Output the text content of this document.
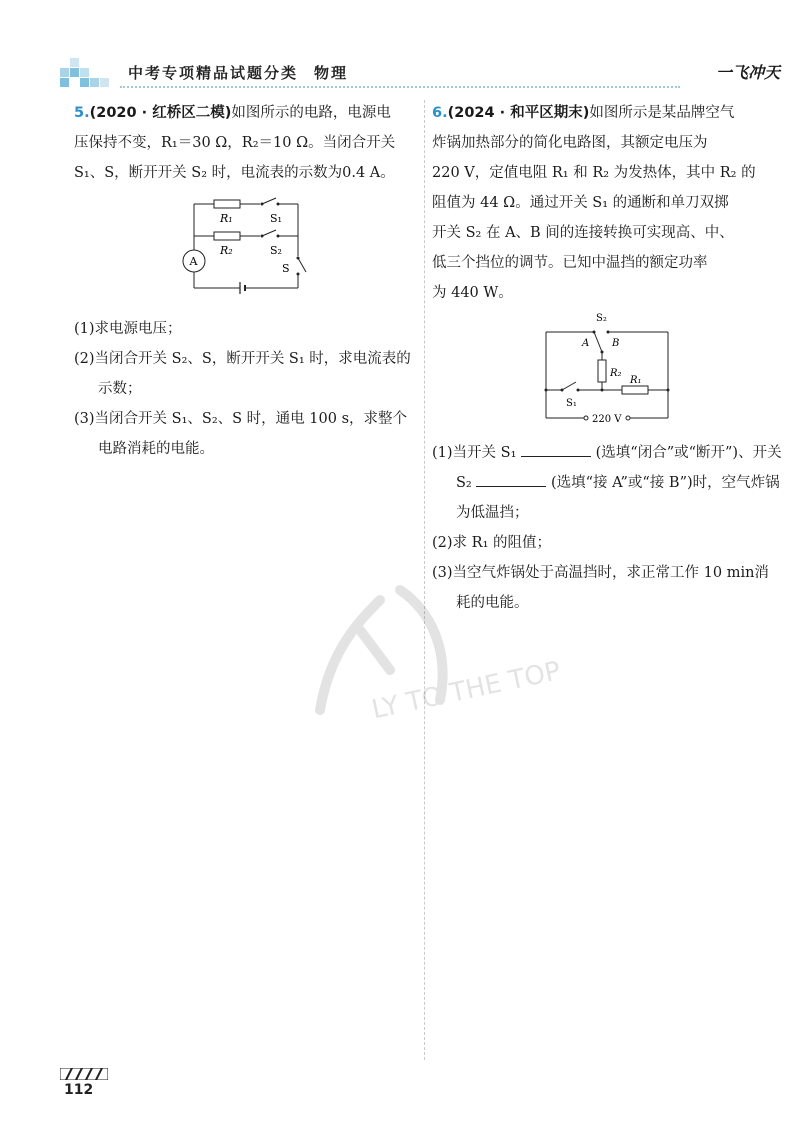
中考专项精品试题分类 物理	一飞冲天

5.(2020 · 红桥区二模)如图所示的电路，电源电

压保持不变，R₁＝30 Ω，R₂＝10 Ω。当闭合开关

S₁、S，断开开关 S₂ 时，电流表的示数为0.4 A。

R₁	S₁
R₂	S₂
S
A

(1)求电源电压；

(2)当闭合开关 S₂、S，断开开关 S₁ 时，求电流表的示数；

(3)当闭合开关 S₁、S₂、S 时，通电 100 s，求整个电路消耗的电能。

6.(2024 · 和平区期末)如图所示是某品牌空气

炸锅加热部分的简化电路图，其额定电压为

220 V，定值电阻 R₁ 和 R₂ 为发热体，其中 R₂ 的

阻值为 44 Ω。通过开关 S₁ 的通断和单刀双掷

开关 S₂ 在 A、B 间的连接转换可实现高、中、

低三个挡位的调节。已知中温挡的额定功率

为 440 W。

S₂
A B
R₂
R₁
S₁
220 V

(1)当开关 S₁	(选填“闭合”或“断开”)、开关 S₂	(选填“接 A”或“接 B”)时，空气炸锅为低温挡；

(2)求 R₁ 的阻值；

(3)当空气炸锅处于高温挡时，求正常工作 10 min消耗的电能。

LY TO THE TOP
112
